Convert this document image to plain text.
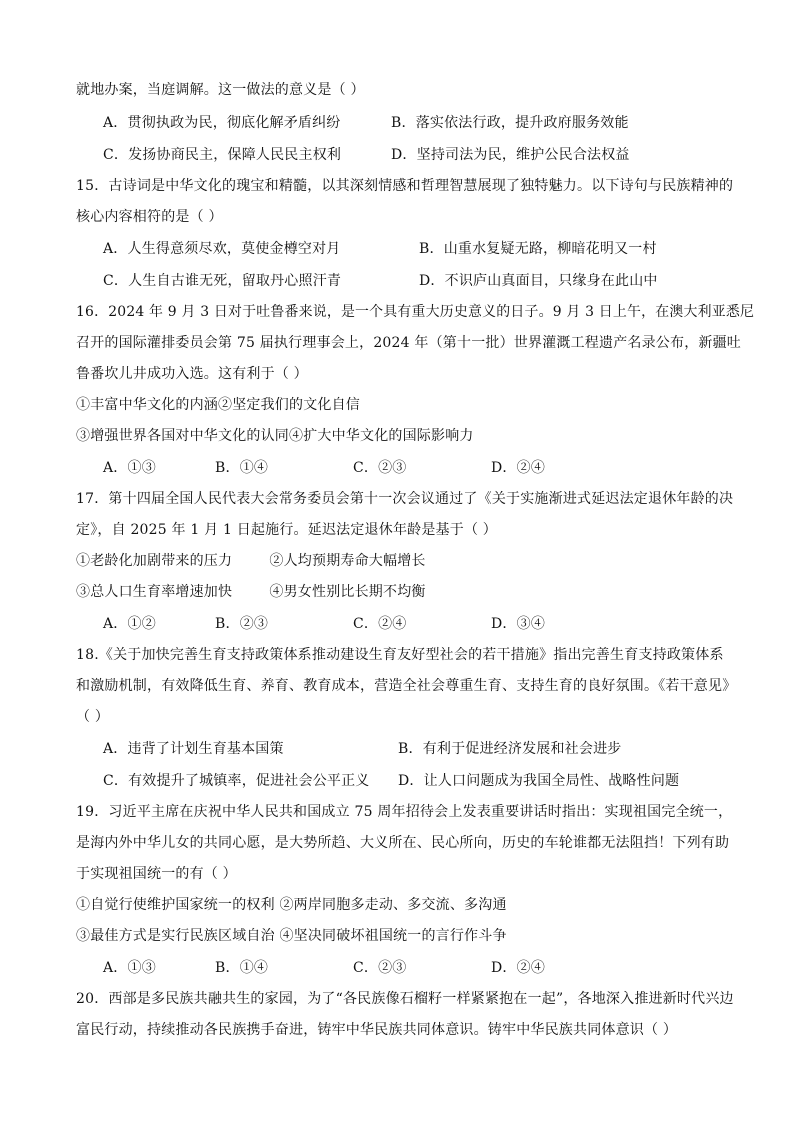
就地办案，当庭调解。这一做法的意义是（ ）
A．贯彻执政为民，彻底化解矛盾纠纷	B．落实依法行政，提升政府服务效能
C．发扬协商民主，保障人民民主权利	D．坚持司法为民，维护公民合法权益
15．古诗词是中华文化的瑰宝和精髓，以其深刻情感和哲理智慧展现了独特魅力。以下诗句与民族精神的
核心内容相符的是（ ）
A．人生得意须尽欢，莫使金樽空对月	B．山重水复疑无路，柳暗花明又一村
C．人生自古谁无死，留取丹心照汗青	D．不识庐山真面目，只缘身在此山中
16．2024 年 9 月 3 日对于吐鲁番来说，是一个具有重大历史意义的日子。9 月 3 日上午，在澳大利亚悉尼
召开的国际灌排委员会第 75 届执行理事会上，2024 年（第十一批）世界灌溉工程遗产名录公布，新疆吐
鲁番坎儿井成功入选。这有利于（ ）
①丰富中华文化的内涵②坚定我们的文化自信
③增强世界各国对中华文化的认同④扩大中华文化的国际影响力
A．①③	B．①④	C．②③	D．②④
17．第十四届全国人民代表大会常务委员会第十一次会议通过了《关于实施渐进式延迟法定退休年龄的决
定》，自 2025 年 1 月 1 日起施行。延迟法定退休年龄是基于（ ）
①老龄化加剧带来的压力        ②人均预期寿命大幅增长
③总人口生育率增速加快        ④男女性别比长期不均衡
A．①②	B．②③	C．②④	D．③④
18.《关于加快完善生育支持政策体系推动建设生育友好型社会的若干措施》指出完善生育支持政策体系
和激励机制，有效降低生育、养育、教育成本，营造全社会尊重生育、支持生育的良好氛围。《若干意见》
（ ）
A．违背了计划生育基本国策	B．有利于促进经济发展和社会进步
C．有效提升了城镇率，促进社会公平正义 D．让人口问题成为我国全局性、战略性问题
19．习近平主席在庆祝中华人民共和国成立 75 周年招待会上发表重要讲话时指出：实现祖国完全统一，
是海内外中华儿女的共同心愿，是大势所趋、大义所在、民心所向，历史的车轮谁都无法阻挡！下列有助
于实现祖国统一的有（ ）
①自觉行使维护国家统一的权利 ②两岸同胞多走动、多交流、多沟通
③最佳方式是实行民族区域自治 ④坚决同破坏祖国统一的言行作斗争
A．①③	B．①④	C．②③	D．②④
20．西部是多民族共融共生的家园，为了“各民族像石榴籽一样紧紧抱在一起”，各地深入推进新时代兴边
富民行动，持续推动各民族携手奋进，铸牢中华民族共同体意识。铸牢中华民族共同体意识（ ）
